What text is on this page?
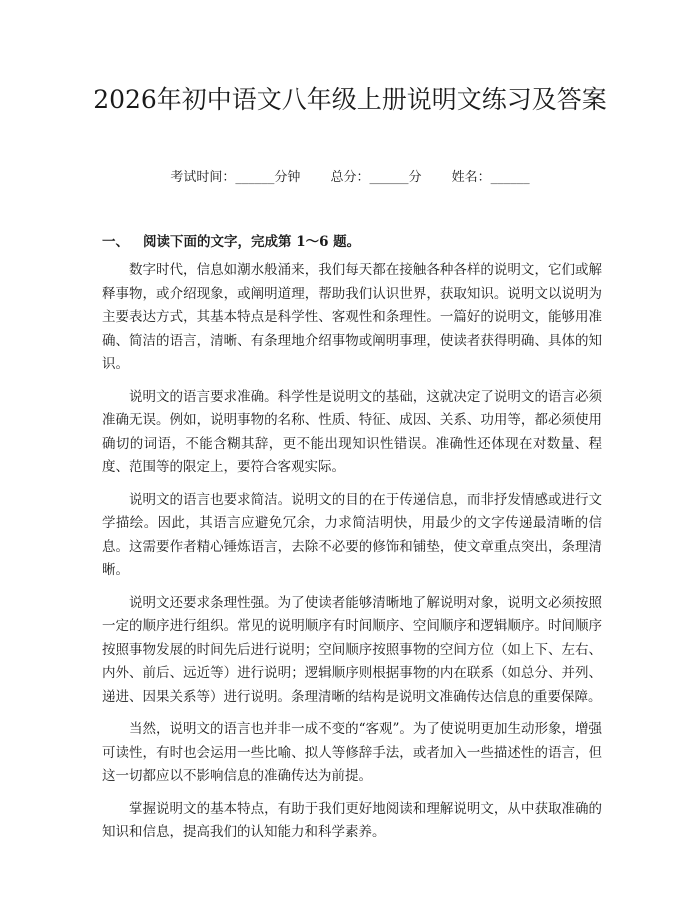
2026年初中语文八年级上册说明文练习及答案
考试时间：______分钟 总分：______分 姓名：______
一、 阅读下面的文字，完成第 1～6 题。

数字时代，信息如潮水般涌来，我们每天都在接触各种各样的说明文，它们或解释事物，或介绍现象，或阐明道理，帮助我们认识世界，获取知识。说明文以说明为主要表达方式，其基本特点是科学性、客观性和条理性。一篇好的说明文，能够用准确、简洁的语言，清晰、有条理地介绍事物或阐明事理，使读者获得明确、具体的知识。

说明文的语言要求准确。科学性是说明文的基础，这就决定了说明文的语言必须准确无误。例如，说明事物的名称、性质、特征、成因、关系、功用等，都必须使用确切的词语，不能含糊其辞，更不能出现知识性错误。准确性还体现在对数量、程度、范围等的限定上，要符合客观实际。

说明文的语言也要求简洁。说明文的目的在于传递信息，而非抒发情感或进行文学描绘。因此，其语言应避免冗余，力求简洁明快，用最少的文字传递最清晰的信息。这需要作者精心锤炼语言，去除不必要的修饰和铺垫，使文章重点突出，条理清晰。

说明文还要求条理性强。为了使读者能够清晰地了解说明对象，说明文必须按照一定的顺序进行组织。常见的说明顺序有时间顺序、空间顺序和逻辑顺序。时间顺序按照事物发展的时间先后进行说明；空间顺序按照事物的空间方位（如上下、左右、内外、前后、远近等）进行说明；逻辑顺序则根据事物的内在联系（如总分、并列、递进、因果关系等）进行说明。条理清晰的结构是说明文准确传达信息的重要保障。

当然，说明文的语言也并非一成不变的“客观”。为了使说明更加生动形象，增强可读性，有时也会运用一些比喻、拟人等修辞手法，或者加入一些描述性的语言，但这一切都应以不影响信息的准确传达为前提。

掌握说明文的基本特点，有助于我们更好地阅读和理解说明文，从中获取准确的知识和信息，提高我们的认知能力和科学素养。
